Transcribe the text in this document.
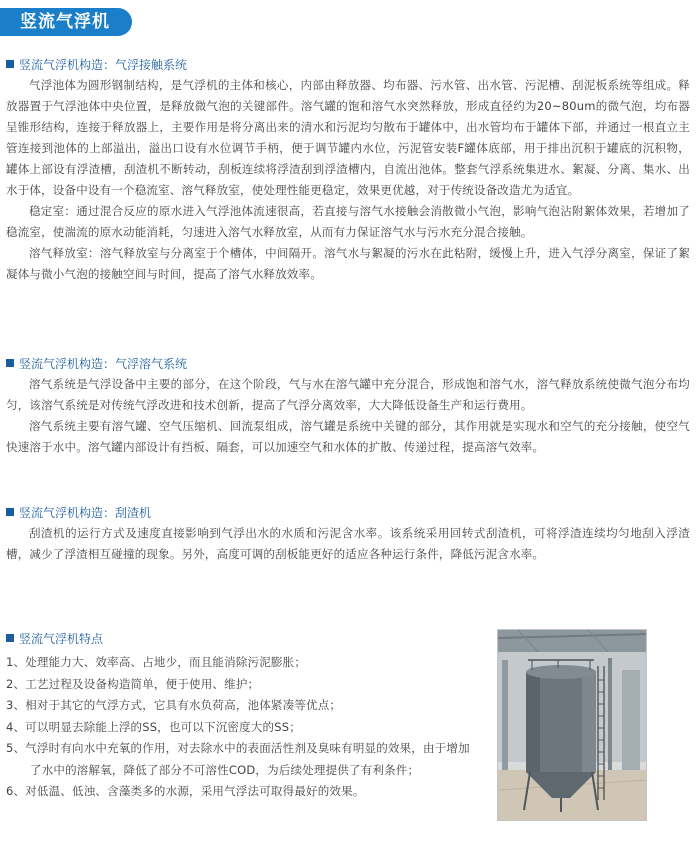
竖流气浮机
竖流气浮机构造：气浮接触系统

气浮池体为圆形钢制结构，是气浮机的主体和核心，内部由释放器、均布器、污水管、出水管、污泥槽、刮泥板系统等组成。释放器置于气浮池体中央位置，是释放微气泡的关键部件。溶气罐的饱和溶气水突然释放，形成直径约为20~80um的微气泡，均布器呈锥形结构，连接于释放器上，主要作用是将分离出来的清水和污泥均匀散布于罐体中，出水管均布于罐体下部，并通过一根直立主管连接到池体的上部溢出，溢出口设有水位调节手柄，便于调节罐内水位，污泥管安装F罐体底部，用于排出沉积于罐底的沉积物，罐体上部设有浮渣槽，刮渣机不断转动，刮板连续将浮渣刮到浮渣槽内，自流出池体。整套气浮系统集进水、絮凝、分离、集水、出水于体，设备中设有一个稳流室、溶气释放室，使处理性能更稳定，效果更优越，对于传统设备改造尤为适宜。

稳定室：通过混合反应的原水进入气浮池体流速很高，若直接与溶气水接触会消散微小气泡，影响气泡沾附絮体效果，若增加了稳流室，使湍流的原水动能消耗，匀速进入溶气水释放室，从而有力保证溶气水与污水充分混合接触。

溶气释放室：溶气释放室与分离室于个槽体，中间隔开。溶气水与絮凝的污水在此粘附，缓慢上升，进入气浮分离室，保证了絮凝体与微小气泡的接触空间与时间，提高了溶气水释放效率。

竖流气浮机构造：气浮溶气系统

溶气系统是气浮设备中主要的部分，在这个阶段，气与水在溶气罐中充分混合，形成饱和溶气水，溶气释放系统使微气泡分布均匀，该溶气系统是对传统气浮改进和技术创新，提高了气浮分离效率，大大降低设备生产和运行费用。

溶气系统主要有溶气罐、空气压缩机、回流泵组成，溶气罐是系统中关键的部分，其作用就是实现水和空气的充分接触，使空气快速溶于水中。溶气罐内部设计有挡板、隔套，可以加速空气和水体的扩散、传递过程，提高溶气效率。

竖流气浮机构造：刮渣机

刮渣机的运行方式及速度直接影响到气浮出水的水质和污泥含水率。该系统采用回转式刮渣机，可将浮渣连续均匀地刮入浮渣槽，减少了浮渣相互碰撞的现象。另外，高度可调的刮板能更好的适应各种运行条件，降低污泥含水率。

竖流气浮机特点

1、处理能力大、效率高、占地少，而且能消除污泥膨胀；

2、工艺过程及设备构造简单，便于使用、维护；

3、相对于其它的气浮方式，它具有水负荷高，池体紧凑等优点；

4、可以明显去除能上浮的SS，也可以下沉密度大的SS；

5、气浮时有向水中充氧的作用，对去除水中的表面活性剂及臭味有明显的效果，由于增加了水中的溶解氧，降低了部分不可溶性COD，为后续处理提供了有利条件；

6、对低温、低浊、含藻类多的水源，采用气浮法可取得最好的效果。
